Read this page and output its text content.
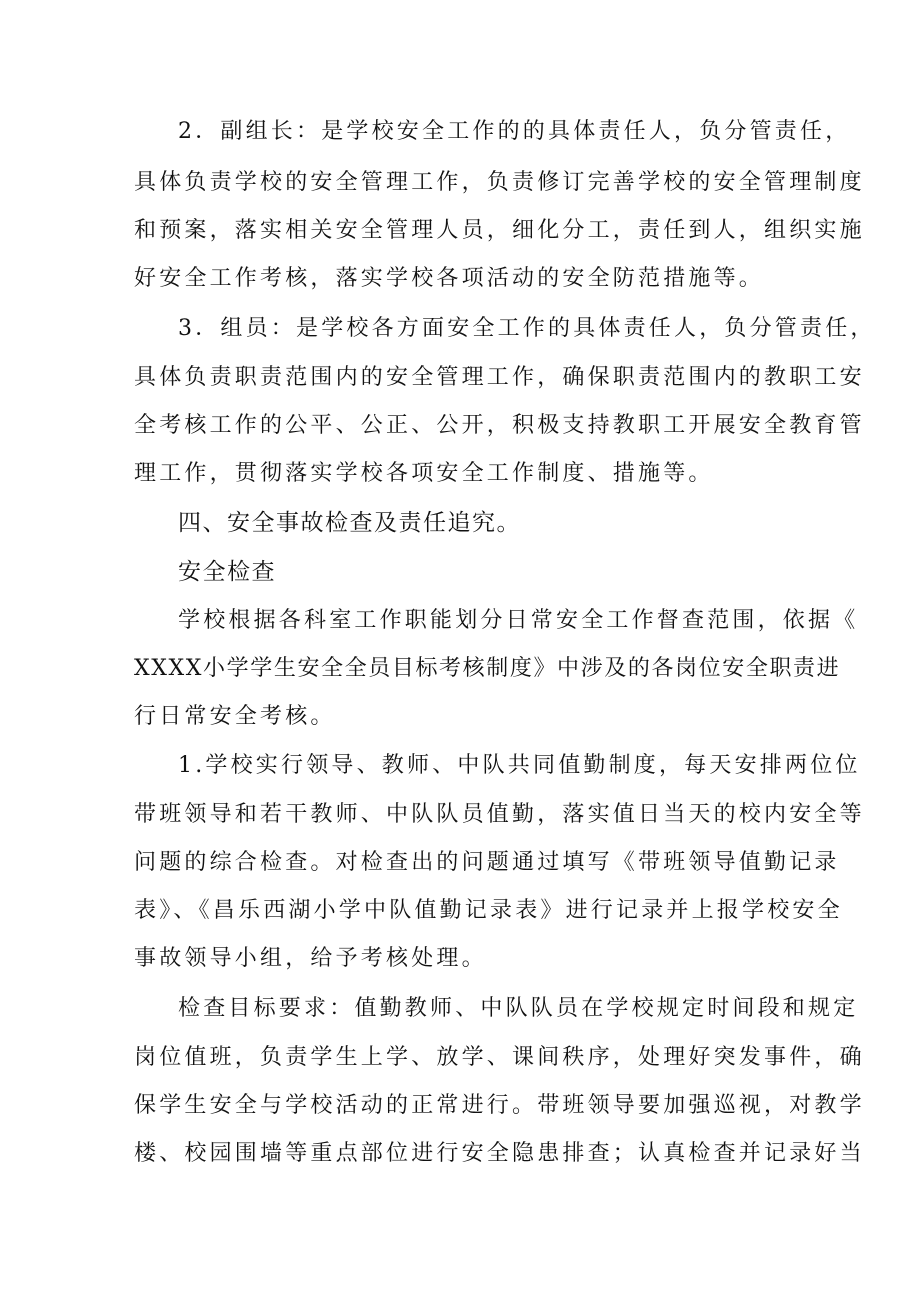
2．副组长：是学校安全工作的的具体责任人，负分管责任，
具体负责学校的安全管理工作，负责修订完善学校的安全管理制度
和预案，落实相关安全管理人员，细化分工，责任到人，组织实施
好安全工作考核，落实学校各项活动的安全防范措施等。
3．组员：是学校各方面安全工作的具体责任人，负分管责任，
具体负责职责范围内的安全管理工作，确保职责范围内的教职工安
全考核工作的公平、公正、公开，积极支持教职工开展安全教育管
理工作，贯彻落实学校各项安全工作制度、措施等。
四、安全事故检查及责任追究。
安全检查
学校根据各科室工作职能划分日常安全工作督查范围，依据《
XXXX小学学生安全全员目标考核制度》中涉及的各岗位安全职责进
行日常安全考核。
1.学校实行领导、教师、中队共同值勤制度，每天安排两位位
带班领导和若干教师、中队队员值勤，落实值日当天的校内安全等
问题的综合检查。对检查出的问题通过填写《带班领导值勤记录
表》、《昌乐西湖小学中队值勤记录表》进行记录并上报学校安全
事故领导小组，给予考核处理。
检查目标要求：值勤教师、中队队员在学校规定时间段和规定
岗位值班，负责学生上学、放学、课间秩序，处理好突发事件，确
保学生安全与学校活动的正常进行。带班领导要加强巡视，对教学
楼、校园围墙等重点部位进行安全隐患排查；认真检查并记录好当
